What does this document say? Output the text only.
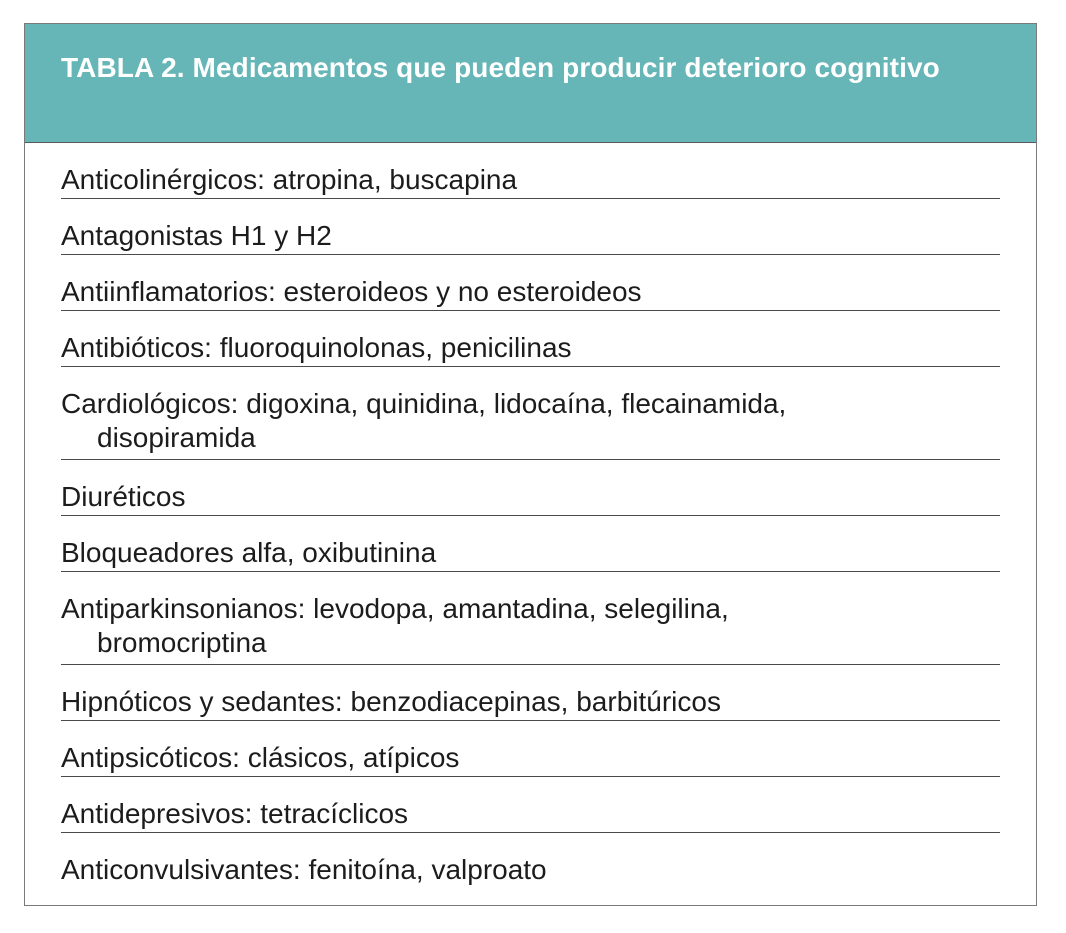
TABLA 2. Medicamentos que pueden producir deterioro cognitivo
Anticolinérgicos: atropina, buscapina
Antagonistas H1 y H2
Antiinflamatorios: esteroideos y no esteroideos
Antibióticos: fluoroquinolonas, penicilinas
Cardiológicos: digoxina, quinidina, lidocaína, flecainamida,
disopiramida
Diuréticos
Bloqueadores alfa, oxibutinina
Antiparkinsonianos: levodopa, amantadina, selegilina,
bromocriptina
Hipnóticos y sedantes: benzodiacepinas, barbitúricos
Antipsicóticos: clásicos, atípicos
Antidepresivos: tetracíclicos
Anticonvulsivantes: fenitoína, valproato
